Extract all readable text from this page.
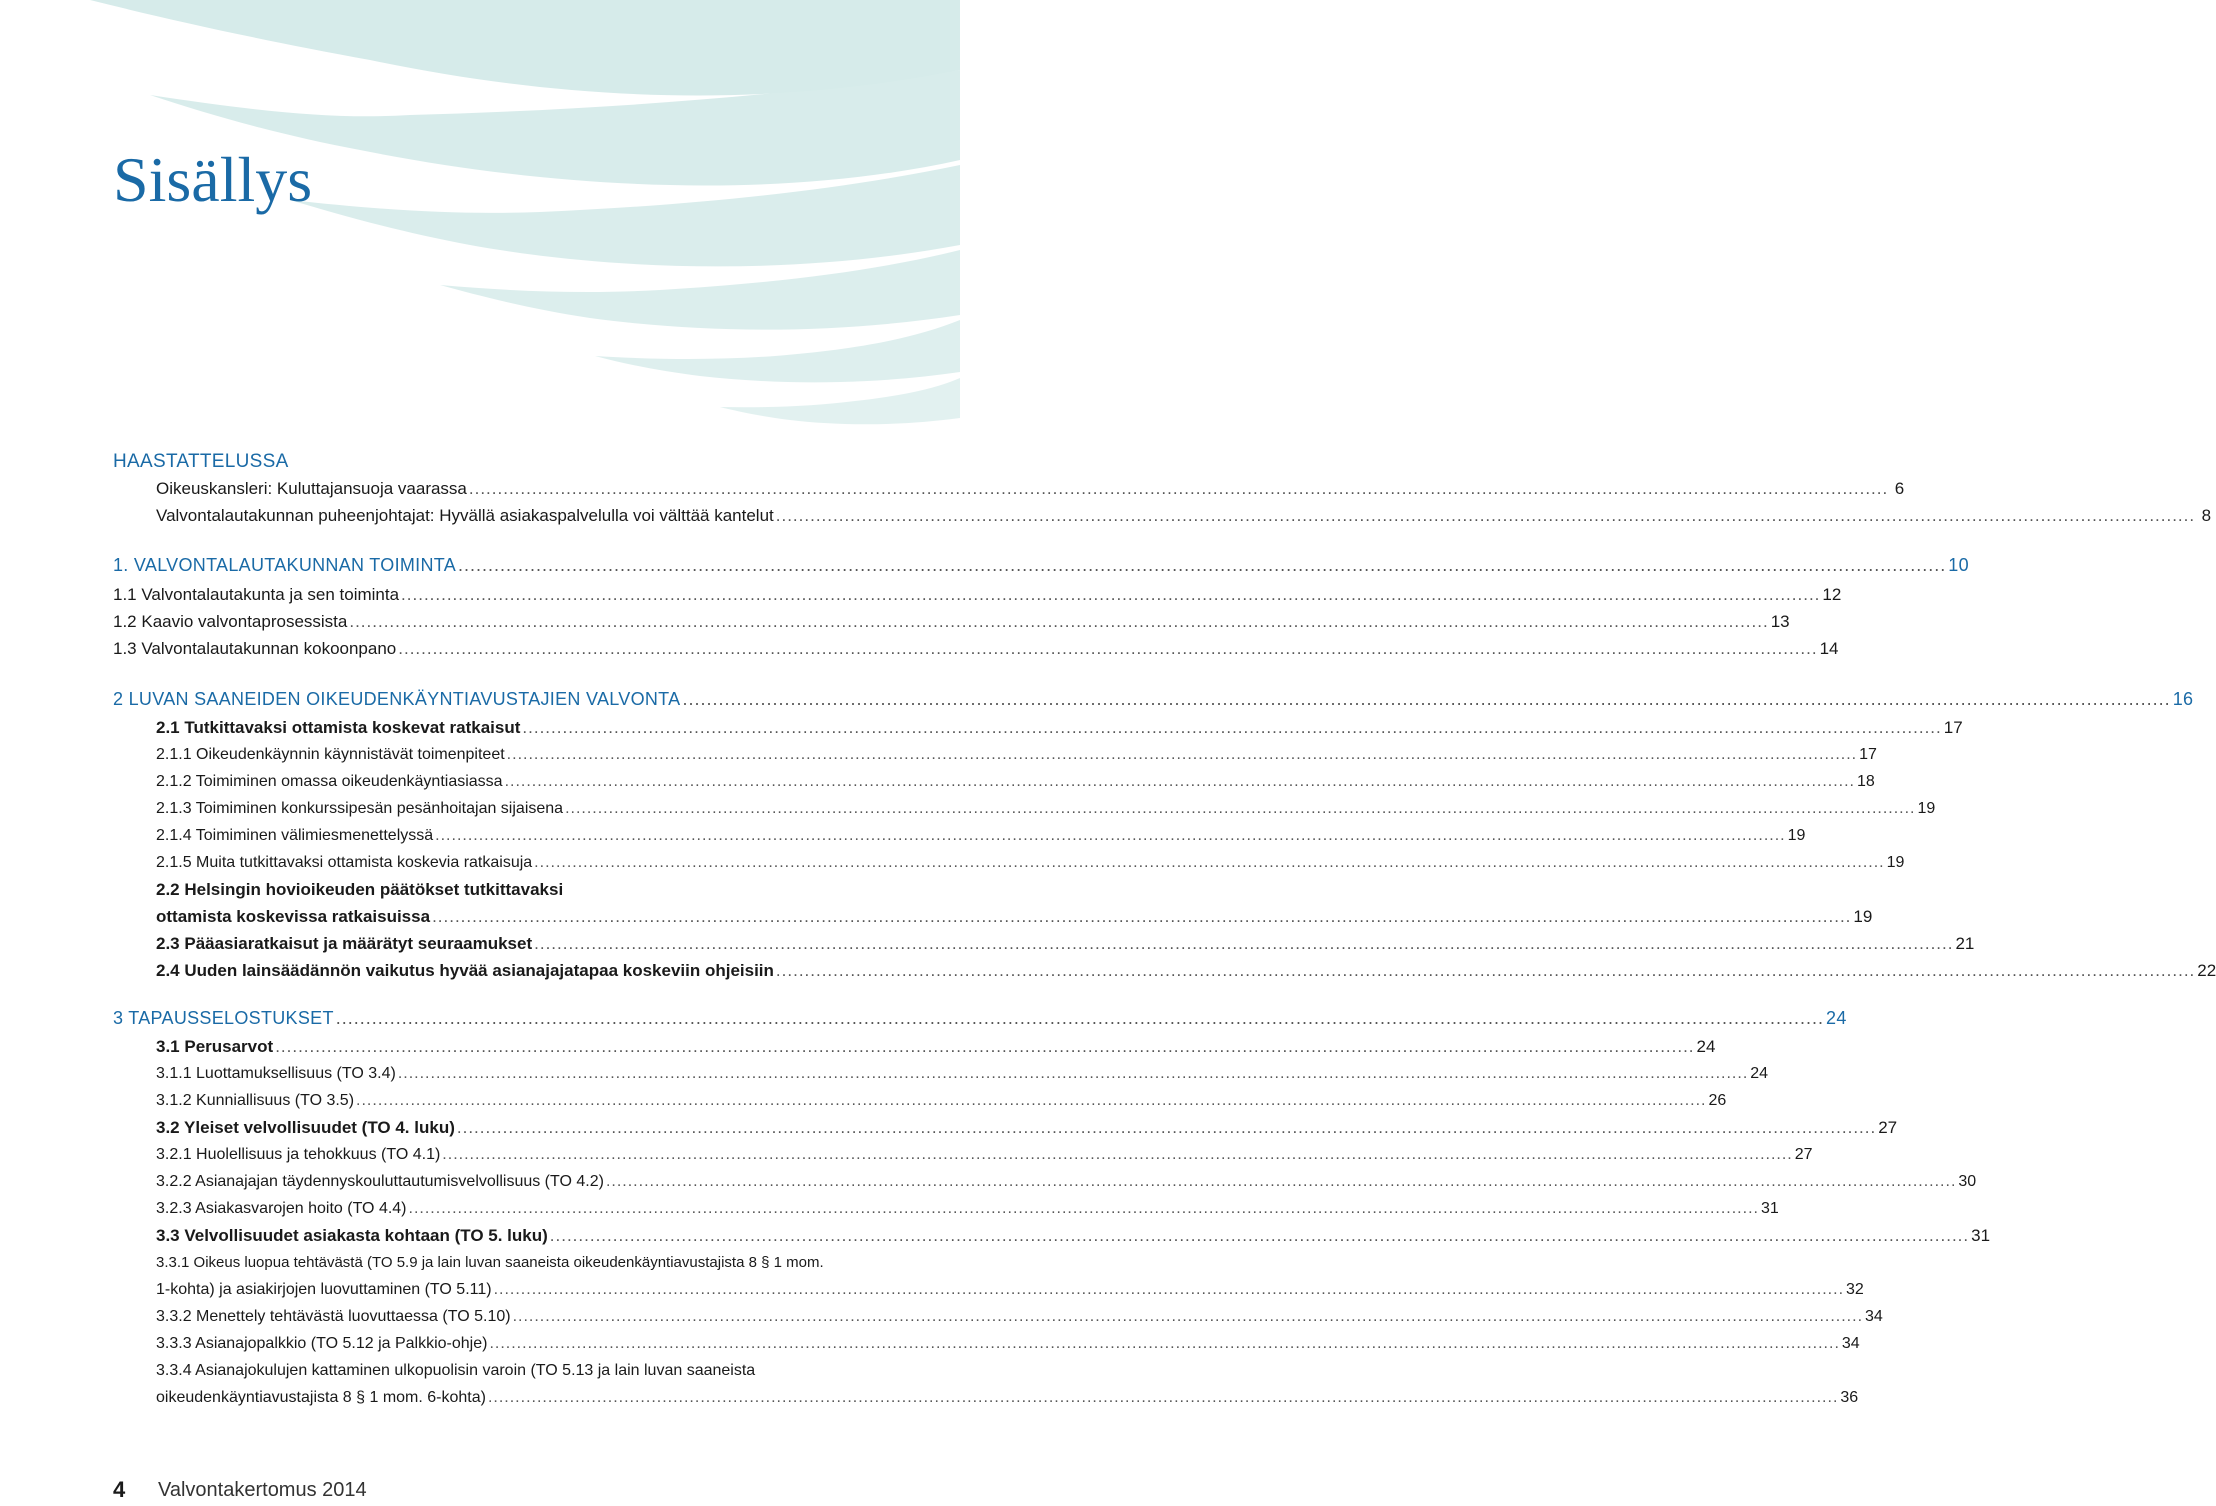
Sisällys
HAASTATTELUSSA
Oikeuskansleri: Kuluttajansuoja vaarassa .....	6
Valvontalautakunnan puheenjohtajat: Hyvällä asiakaspalvelulla voi välttää kantelut .....	8
1. VALVONTALAUTAKUNNAN TOIMINTA .....	10
1.1 Valvontalautakunta ja sen toiminta .....	12
1.2 Kaavio valvontaprosessista .....	13
1.3 Valvontalautakunnan kokoonpano .....	14
2 LUVAN SAANEIDEN OIKEUDENKÄYNTIAVUSTAJIEN VALVONTA .....	16
2.1 Tutkittavaksi ottamista koskevat ratkaisut .....	17
2.1.1 Oikeudenkäynnin käynnistävät toimenpiteet .....	17
2.1.2 Toimiminen omassa oikeudenkäyntiasiassa .....	18
2.1.3 Toimiminen konkurssipesän pesänhoitajan sijaisena .....	19
2.1.4 Toimiminen välimiesmenettelyssä .....	19
2.1.5 Muita tutkittavaksi ottamista koskevia ratkaisuja .....	19
2.2 Helsingin hovioikeuden päätökset tutkittavaksi
ottamista koskevissa ratkaisuissa .....	19
2.3 Pääasiaratkaisut ja määrätyt seuraamukset .....	21
2.4 Uuden lainsäädännön vaikutus hyvää asianajajatapaa koskeviin ohjeisiin .....	22
3 TAPAUSSELOSTUKSET .....	24
3.1 Perusarvot .....	24
3.1.1 Luottamuksellisuus (TO 3.4) .....	24
3.1.2 Kunniallisuus (TO 3.5) .....	26
3.2 Yleiset velvollisuudet (TO 4. luku) .....	27
3.2.1 Huolellisuus ja tehokkuus (TO 4.1) .....	27
3.2.2 Asianajajan täydennyskouluttautumisvelvollisuus (TO 4.2) .....	30
3.2.3 Asiakasvarojen hoito (TO 4.4) .....	31
3.3 Velvollisuudet asiakasta kohtaan (TO 5. luku) .....	31
3.3.1 Oikeus luopua tehtävästä (TO 5.9 ja lain luvan saaneista oikeudenkäyntiavustajista 8 § 1 mom.
1-kohta) ja asiakirjojen luovuttaminen (TO 5.11) .....	32
3.3.2 Menettely tehtävästä luovuttaessa (TO 5.10) .....	34
3.3.3 Asianajopalkkio (TO 5.12 ja Palkkio-ohje) .....	34
3.3.4 Asianajokulujen kattaminen ulkopuolisin varoin (TO 5.13 ja lain luvan saaneista
oikeudenkäyntiavustajista 8 § 1 mom. 6-kohta) .....	36
4 Valvontakertomus 2014
